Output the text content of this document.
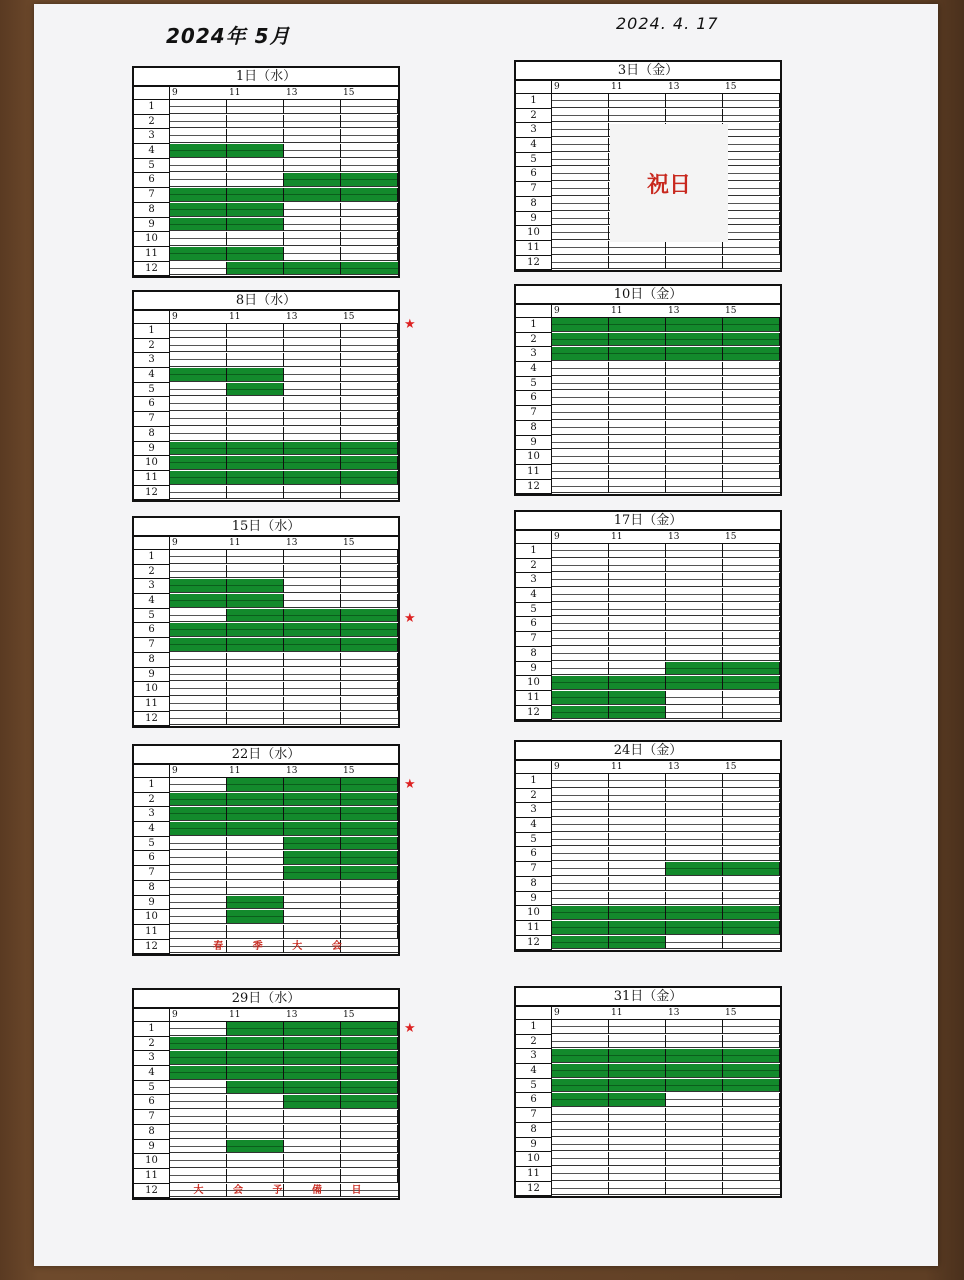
2024年 5月
2024. 4. 17
1日（水）
9	11	13	15
1
2
3
4
5
6
7
8
9
10
11
12
★
3日（金）
9	11	13	15
1
2
3
4
5
6
7
8
9
10
11
12
祝日
8日（水）
9	11	13	15
1
2
3
4
5
6
7
8
9
10
11
12
10日（金）
9	11	13	15
1
2
3
4
5
6
7
8
9
10
11
12
15日（水）
9	11	13	15
1
2
3
4
5
6
7
8
9
10
11
12
★
17日（金）
9	11	13	15
1
2
3
4
5
6
7
8
9
10
11
12
22日（水）
9	11	13	15
1
2
3
4
5
6
7
8
9
10
11
12	春 季 大 会
★
24日（金）
9	11	13	15
1
2
3
4
5
6
7
8
9
10
11
12
29日（水）
9	11	13	15
1
2
3
4
5
6
7
8
9
10
11
12	大 会 予 備 日
★
31日（金）
9	11	13	15
1
2
3
4
5
6
7
8
9
10
11
12
